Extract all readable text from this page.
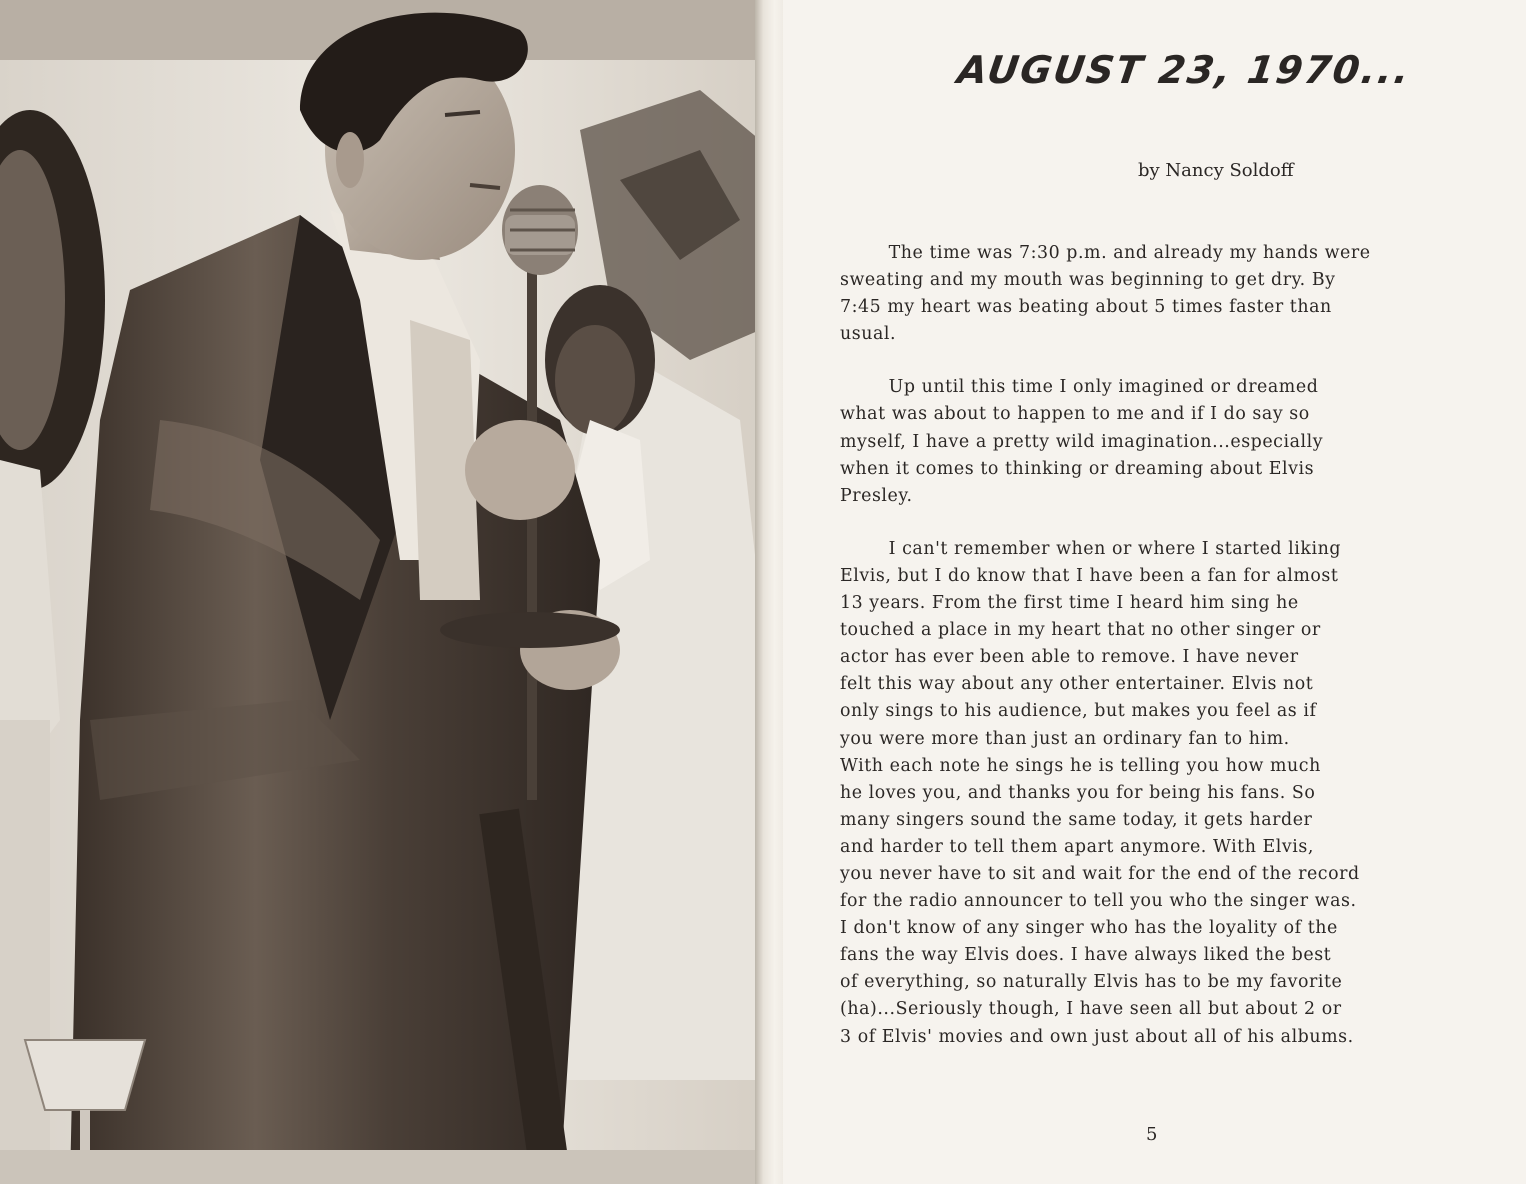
AUGUST 23, 1970...
by Nancy Soldoff
The time was 7:30 p.m. and already my hands were
sweating and my mouth was beginning to get dry. By
7:45 my heart was beating about 5 times faster than
usual.
Up until this time I only imagined or dreamed
what was about to happen to me and if I do say so
myself, I have a pretty wild imagination...especially
when it comes to thinking or dreaming about Elvis
Presley.
I can't remember when or where I started liking
Elvis, but I do know that I have been a fan for almost
13 years. From the first time I heard him sing he
touched a place in my heart that no other singer or
actor has ever been able to remove. I have never
felt this way about any other entertainer. Elvis not
only sings to his audience, but makes you feel as if
you were more than just an ordinary fan to him.
With each note he sings he is telling you how much
he loves you, and thanks you for being his fans. So
many singers sound the same today, it gets harder
and harder to tell them apart anymore. With Elvis,
you never have to sit and wait for the end of the record
for the radio announcer to tell you who the singer was.
I don't know of any singer who has the loyality of the
fans the way Elvis does. I have always liked the best
of everything, so naturally Elvis has to be my favorite
(ha)...Seriously though, I have seen all but about 2 or
3 of Elvis' movies and own just about all of his albums.
5
